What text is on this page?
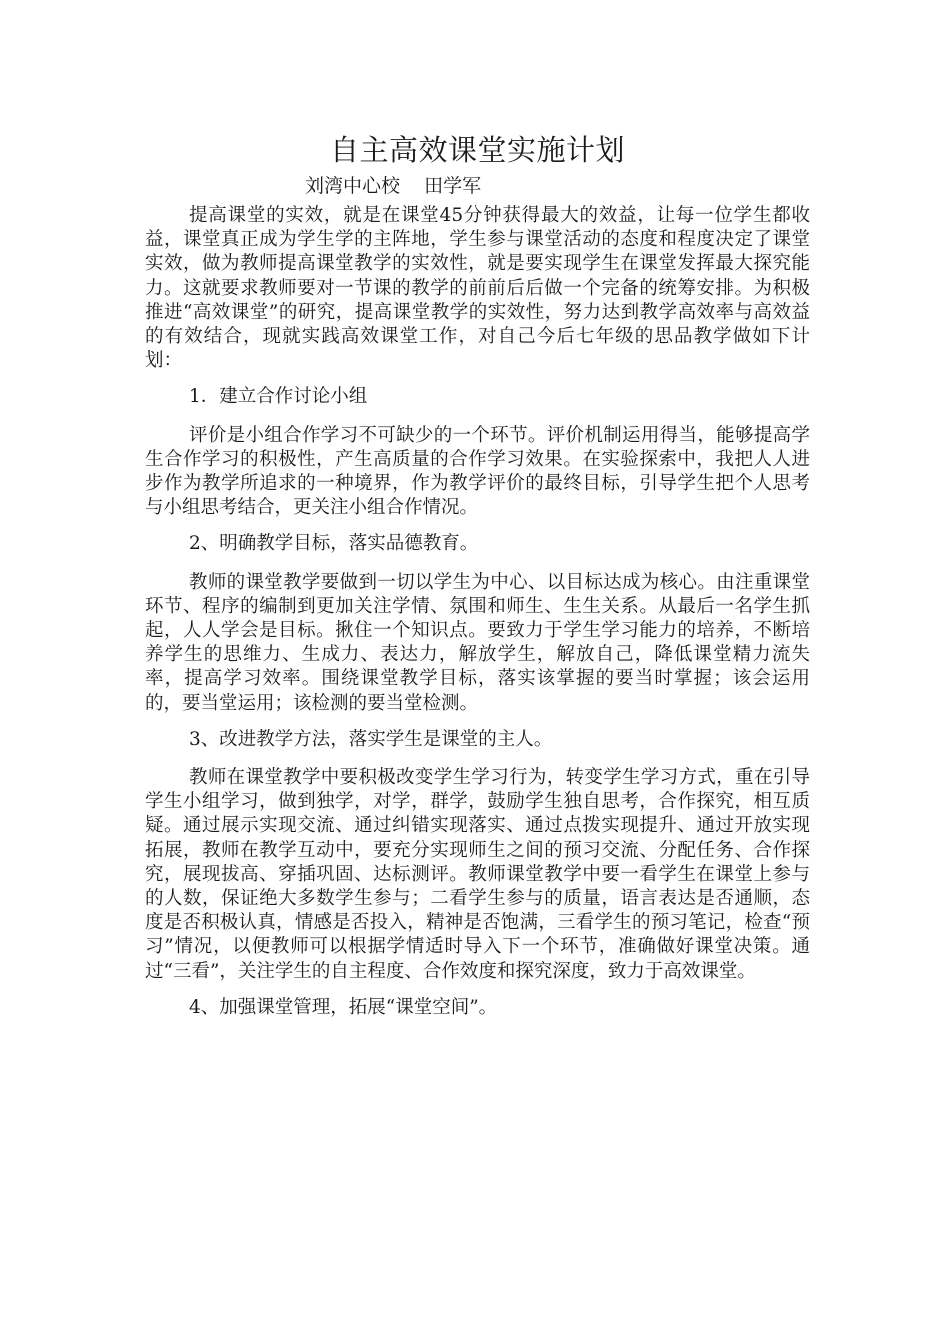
自主高效课堂实施计划

刘湾中心校    田学军

提高课堂的实效，就是在课堂45分钟获得最大的效益，让每一位学生都收益，课堂真正成为学生学的主阵地，学生参与课堂活动的态度和程度决定了课堂实效，做为教师提高课堂教学的实效性，就是要实现学生在课堂发挥最大探究能力。这就要求教师要对一节课的教学的前前后后做一个完备的统筹安排。为积极推进“高效课堂”的研究，提高课堂教学的实效性，努力达到教学高效率与高效益的有效结合，现就实践高效课堂工作，对自己今后七年级的思品教学做如下计划：

1．建立合作讨论小组

评价是小组合作学习不可缺少的一个环节。评价机制运用得当，能够提高学生合作学习的积极性，产生高质量的合作学习效果。在实验探索中，我把人人进步作为教学所追求的一种境界，作为教学评价的最终目标，引导学生把个人思考与小组思考结合，更关注小组合作情况。

2、明确教学目标，落实品德教育。

教师的课堂教学要做到一切以学生为中心、以目标达成为核心。由注重课堂环节、程序的编制到更加关注学情、氛围和师生、生生关系。从最后一名学生抓起，人人学会是目标。揪住一个知识点。要致力于学生学习能力的培养，不断培养学生的思维力、生成力、表达力，解放学生，解放自己，降低课堂精力流失率，提高学习效率。围绕课堂教学目标，落实该掌握的要当时掌握；该会运用的，要当堂运用；该检测的要当堂检测。

3、改进教学方法，落实学生是课堂的主人。

教师在课堂教学中要积极改变学生学习行为，转变学生学习方式，重在引导学生小组学习，做到独学，对学，群学，鼓励学生独自思考，合作探究，相互质疑。通过展示实现交流、通过纠错实现落实、通过点拨实现提升、通过开放实现拓展，教师在教学互动中，要充分实现师生之间的预习交流、分配任务、合作探究，展现拔高、穿插巩固、达标测评。教师课堂教学中要一看学生在课堂上参与的人数，保证绝大多数学生参与；二看学生参与的质量，语言表达是否通顺，态度是否积极认真，情感是否投入，精神是否饱满，三看学生的预习笔记，检查“预习”情况，以便教师可以根据学情适时导入下一个环节，准确做好课堂决策。通过“三看”，关注学生的自主程度、合作效度和探究深度，致力于高效课堂。

4、加强课堂管理，拓展“课堂空间”。
